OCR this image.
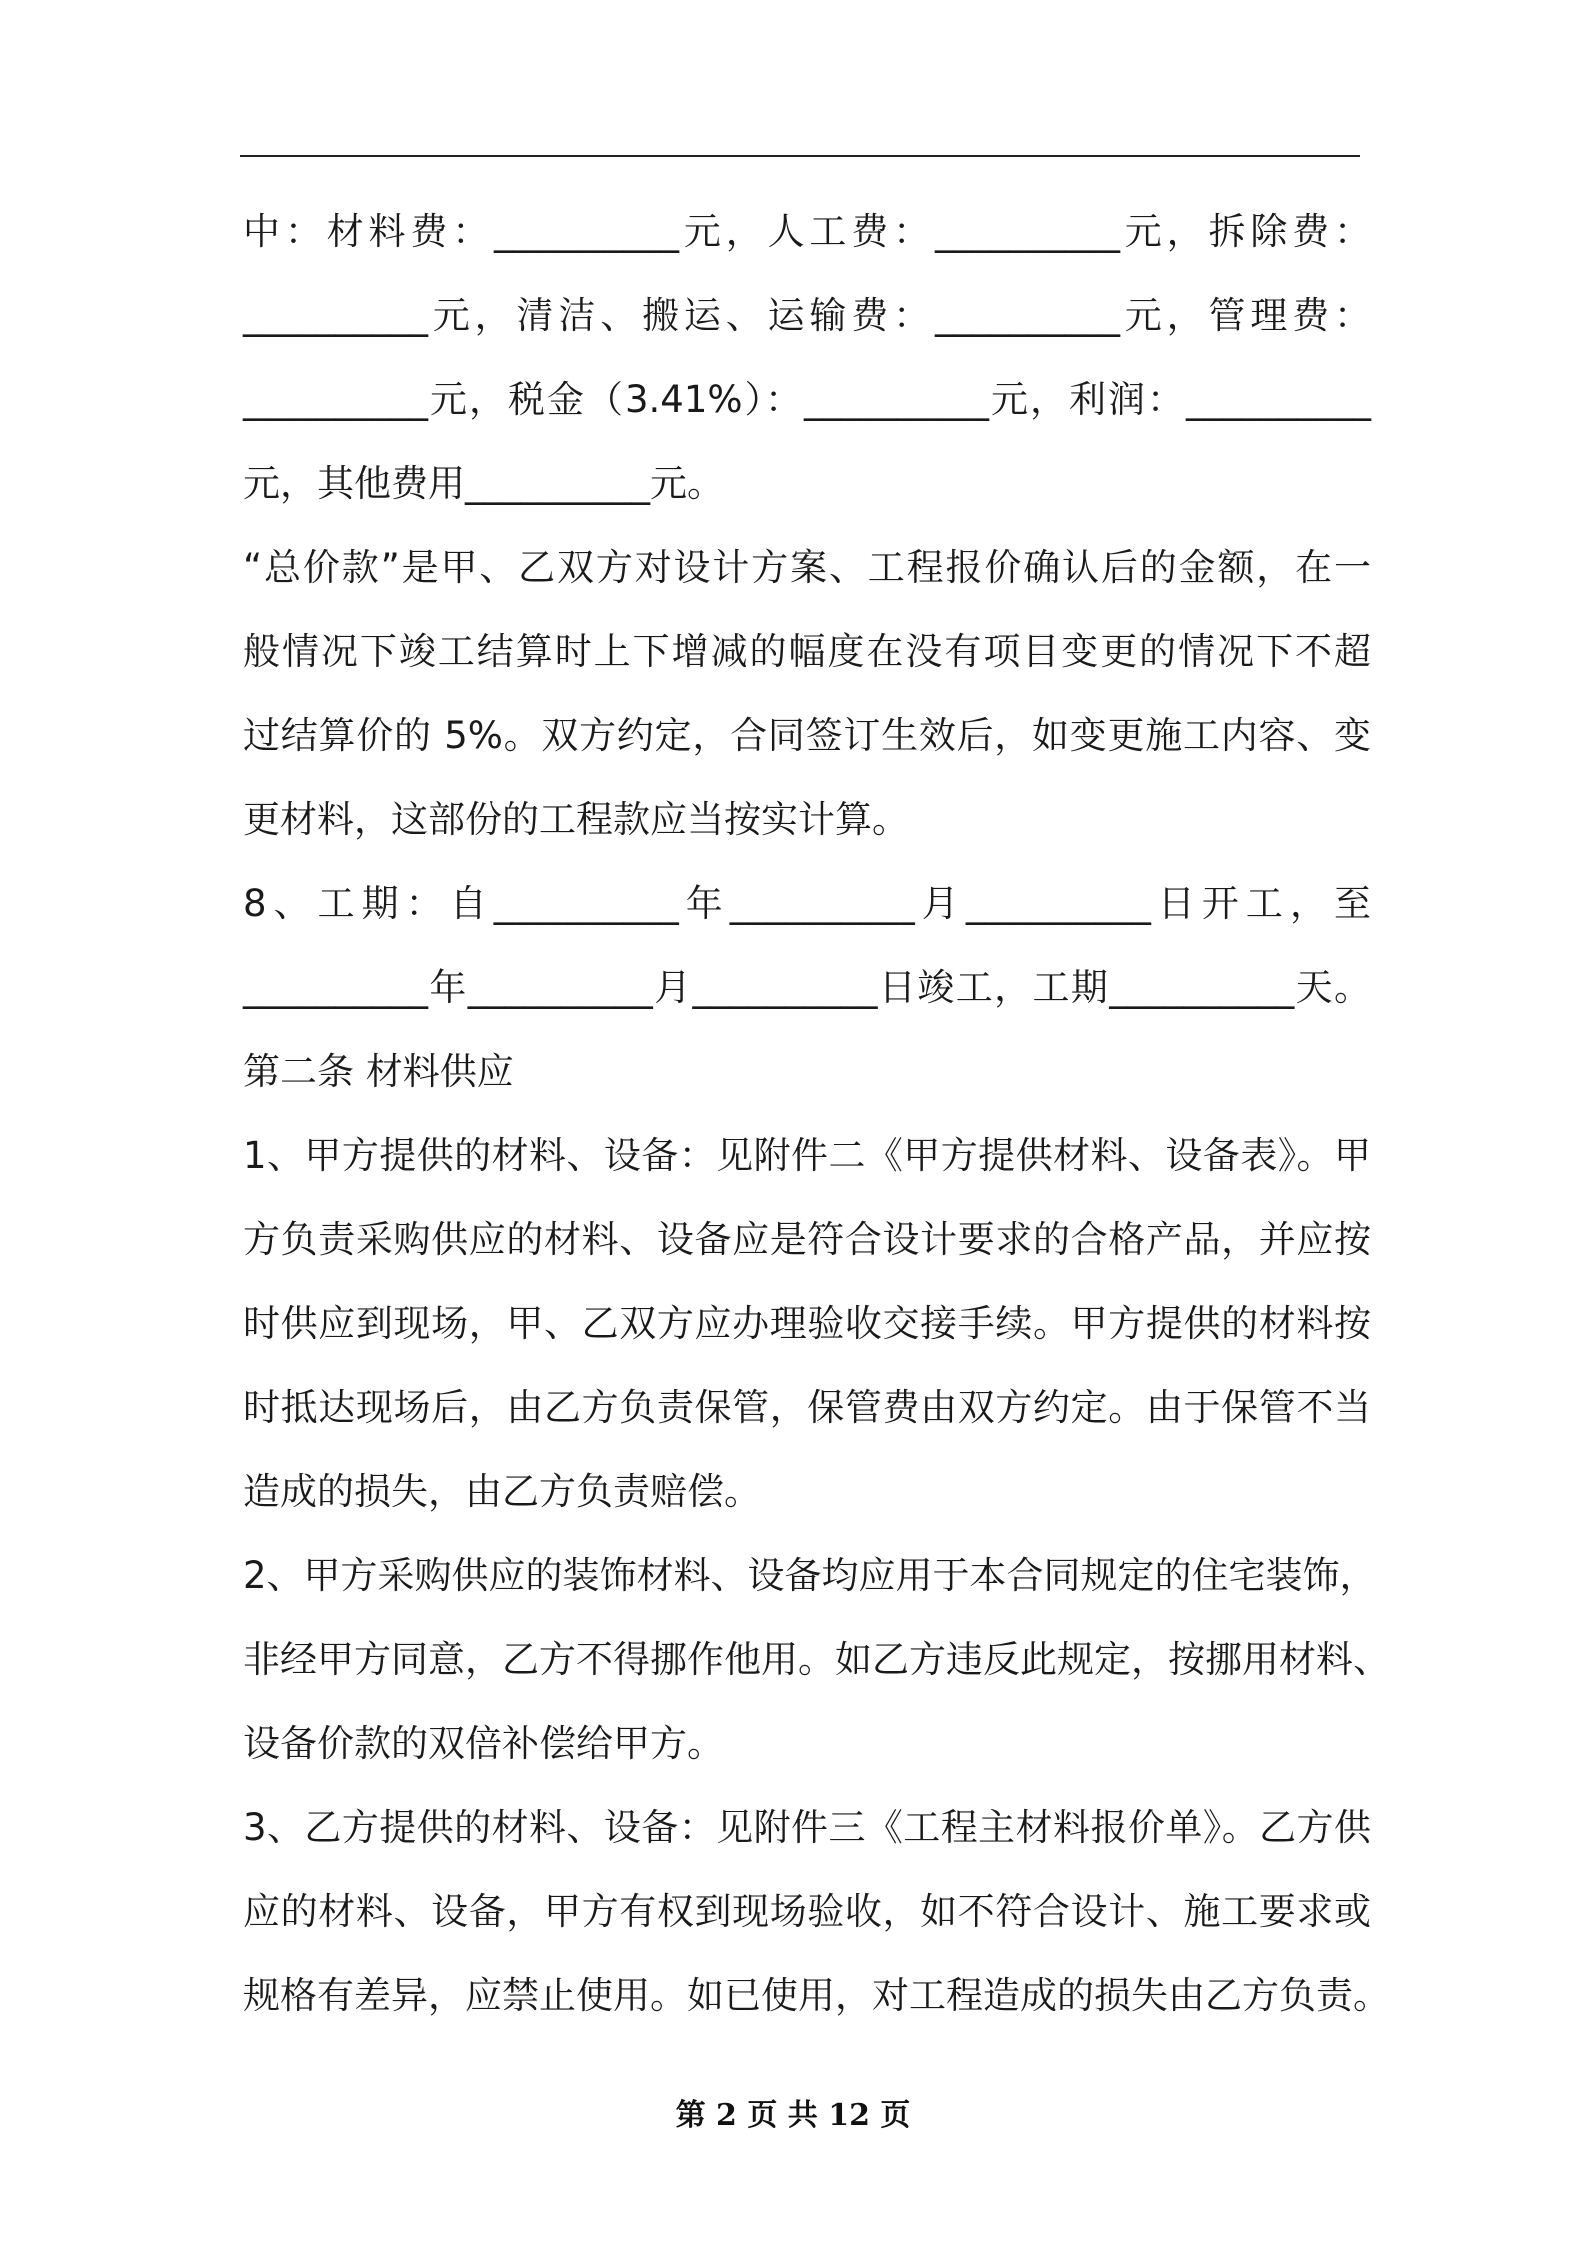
中：材料费：__________元，人工费：__________元，拆除费：
__________元，清洁、搬运、运输费：__________元，管理费：
__________元，税金（3.41%）：__________元，利润：__________
元，其他费用__________元。
“总价款”是甲、乙双方对设计方案、工程报价确认后的金额，在一
般情况下竣工结算时上下增减的幅度在没有项目变更的情况下不超
过结算价的 5%。双方约定，合同签订生效后，如变更施工内容、变
更材料，这部份的工程款应当按实计算。
8、工期：自__________年__________月__________日开工，至
__________年__________月__________日竣工，工期__________天。
第二条 材料供应
1、甲方提供的材料、设备：见附件二《甲方提供材料、设备表》。甲
方负责采购供应的材料、设备应是符合设计要求的合格产品，并应按
时供应到现场，甲、乙双方应办理验收交接手续。甲方提供的材料按
时抵达现场后，由乙方负责保管，保管费由双方约定。由于保管不当
造成的损失，由乙方负责赔偿。
2、甲方采购供应的装饰材料、设备均应用于本合同规定的住宅装饰，
非经甲方同意，乙方不得挪作他用。如乙方违反此规定，按挪用材料、
设备价款的双倍补偿给甲方。
3、乙方提供的材料、设备：见附件三《工程主材料报价单》。乙方供
应的材料、设备，甲方有权到现场验收，如不符合设计、施工要求或
规格有差异，应禁止使用。如已使用，对工程造成的损失由乙方负责。
第 2 页 共 12 页
